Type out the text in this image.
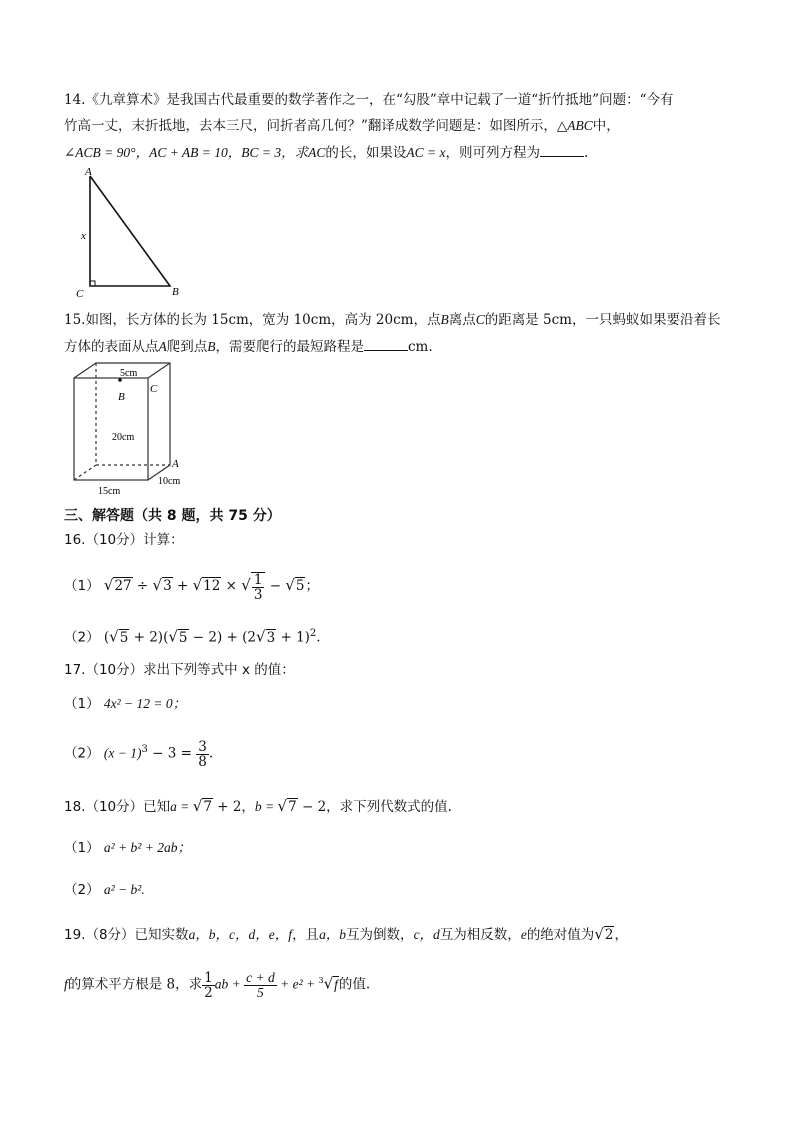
14.《九章算术》是我国古代最重要的数学著作之一，在“勾股”章中记载了一道“折竹抵地”问题：“今有
竹高一丈，末折抵地，去本三尺，问折者高几何？”翻译成数学问题是：如图所示，△ABC中，
∠ACB = 90°，AC + AB = 10，BC = 3，求AC的长，如果设AC = x，则可列方程为	.
A
x
C	B
15.如图，长方体的长为 15cm，宽为 10cm，高为 20cm，点B离点C的距离是 5cm，一只蚂蚁如果要沿着长
方体的表面从点A爬到点B，需要爬行的最短路程是	cm.
5cm
B
C
20cm
A
10cm
15cm
三、解答题（共 8 题，共 75 分）
16.（10分）计算：
（1） √27 ÷ √3 + √12 × √ $\frac{1}{3} - √5$；
（2） $(√5 + 2)(√5 - 2) + (2√3 + 1)^2$.
17.（10分）求出下列等式中 x 的值：
（1） 4x² − 12 = 0；
（2） $(x - 1)^3 - 3 = \frac{3}{8}$ .
18.（10分）已知a = √7 + 2，b = √7 − 2，求下列代数式的值.
（1） a² + b² + 2ab；
（2） a² − b².
19.（8分）已知实数a，b，c，d，e，f，且a，b互为倒数，c，d互为相反数，e的绝对值为√2，
f的算术平方根是 8，求 $\frac{1}{2}$ ab + $\frac{c + d}{5} + e^2 + ^3√f$的值.
